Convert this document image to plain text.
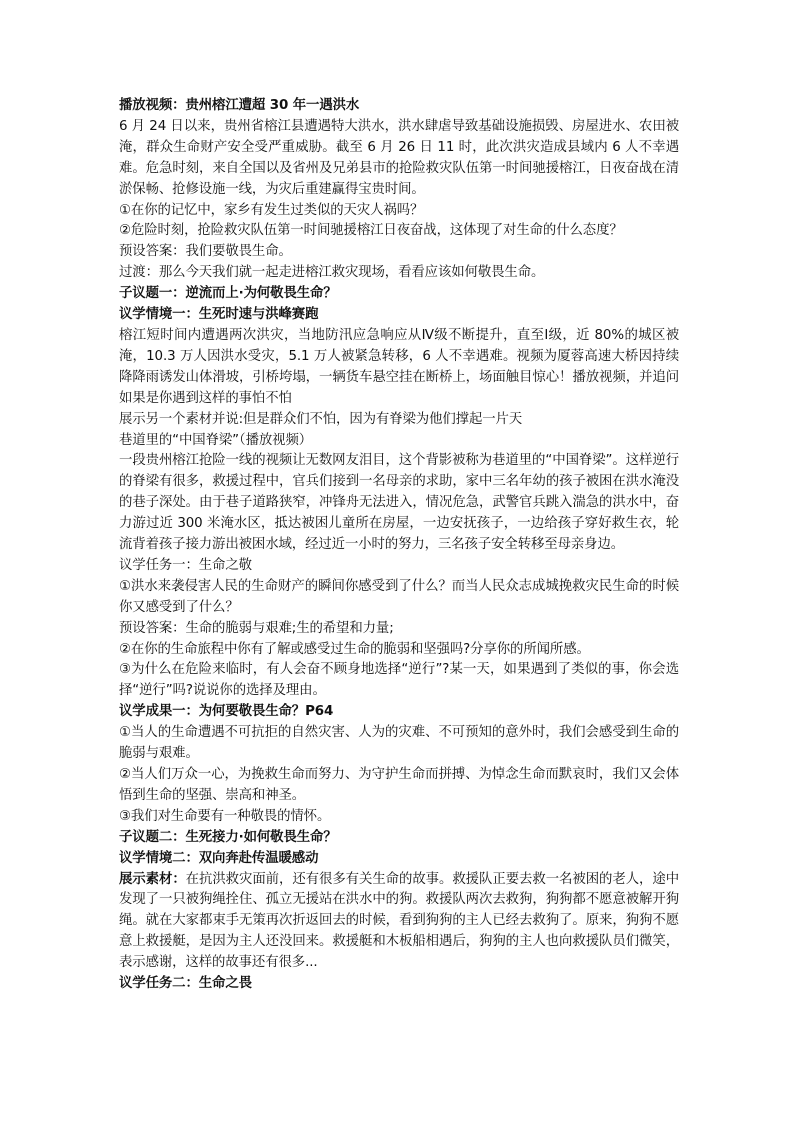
播放视频：贵州榕江遭超 30 年一遇洪水

6 月 24 日以来，贵州省榕江县遭遇特大洪水，洪水肆虐导致基础设施损毁、房屋进水、农田被淹，群众生命财产安全受严重威胁。截至 6 月 26 日 11 时，此次洪灾造成县域内 6 人不幸遇难。危急时刻，来自全国以及省州及兄弟县市的抢险救灾队伍第一时间驰援榕江，日夜奋战在清淤保畅、抢修设施一线，为灾后重建赢得宝贵时间。

①在你的记忆中，家乡有发生过类似的天灾人祸吗？

②危险时刻，抢险救灾队伍第一时间驰援榕江日夜奋战，这体现了对生命的什么态度？

预设答案：我们要敬畏生命。

过渡：那么今天我们就一起走进榕江救灾现场，看看应该如何敬畏生命。

子议题一：逆流而上·为何敬畏生命？

议学情境一：生死时速与洪峰赛跑

榕江短时间内遭遇两次洪灾，当地防汛应急响应从Ⅳ级不断提升，直至Ⅰ级，近 80%的城区被淹，10.3 万人因洪水受灾，5.1 万人被紧急转移，6 人不幸遇难。视频为厦蓉高速大桥因持续降降雨诱发山体滑坡，引桥垮塌，一辆货车悬空挂在断桥上，场面触目惊心！播放视频，并追问如果是你遇到这样的事怕不怕

展示另一个素材并说:但是群众们不怕，因为有脊梁为他们撑起一片天

巷道里的“中国脊梁”（播放视频）

一段贵州榕江抢险一线的视频让无数网友泪目，这个背影被称为巷道里的“中国脊梁”。这样逆行的脊梁有很多，救援过程中，官兵们接到一名母亲的求助，家中三名年幼的孩子被困在洪水淹没的巷子深处。由于巷子道路狭窄，冲锋舟无法进入，情况危急，武警官兵跳入湍急的洪水中，奋力游过近 300 米淹水区，抵达被困儿童所在房屋，一边安抚孩子，一边给孩子穿好救生衣，轮流背着孩子接力游出被困水域，经过近一小时的努力，三名孩子安全转移至母亲身边。

议学任务一：生命之敬

①洪水来袭侵害人民的生命财产的瞬间你感受到了什么？而当人民众志成城挽救灾民生命的时候你又感受到了什么？

预设答案：生命的脆弱与艰难;生的希望和力量;

②在你的生命旅程中你有了解或感受过生命的脆弱和坚强吗?分享你的所闻所感。

③为什么在危险来临时，有人会奋不顾身地选择“逆行”?某一天，如果遇到了类似的事，你会选择“逆行”吗?说说你的选择及理由。

议学成果一：为何要敬畏生命？P64

①当人的生命遭遇不可抗拒的自然灾害、人为的灾难、不可预知的意外时，我们会感受到生命的脆弱与艰难。

②当人们万众一心，为挽救生命而努力、为守护生命而拼搏、为悼念生命而默哀时，我们又会体悟到生命的坚强、崇高和神圣。

③我们对生命要有一种敬畏的情怀。

子议题二：生死接力·如何敬畏生命？

议学情境二：双向奔赴传温暖感动

展示素材：在抗洪救灾面前，还有很多有关生命的故事。救援队正要去救一名被困的老人，途中发现了一只被狗绳拴住、孤立无援站在洪水中的狗。救援队两次去救狗，狗狗都不愿意被解开狗绳。就在大家都束手无策再次折返回去的时候，看到狗狗的主人已经去救狗了。原来，狗狗不愿意上救援艇，是因为主人还没回来。救援艇和木板船相遇后，狗狗的主人也向救援队员们微笑，表示感谢，这样的故事还有很多...

议学任务二：生命之畏
